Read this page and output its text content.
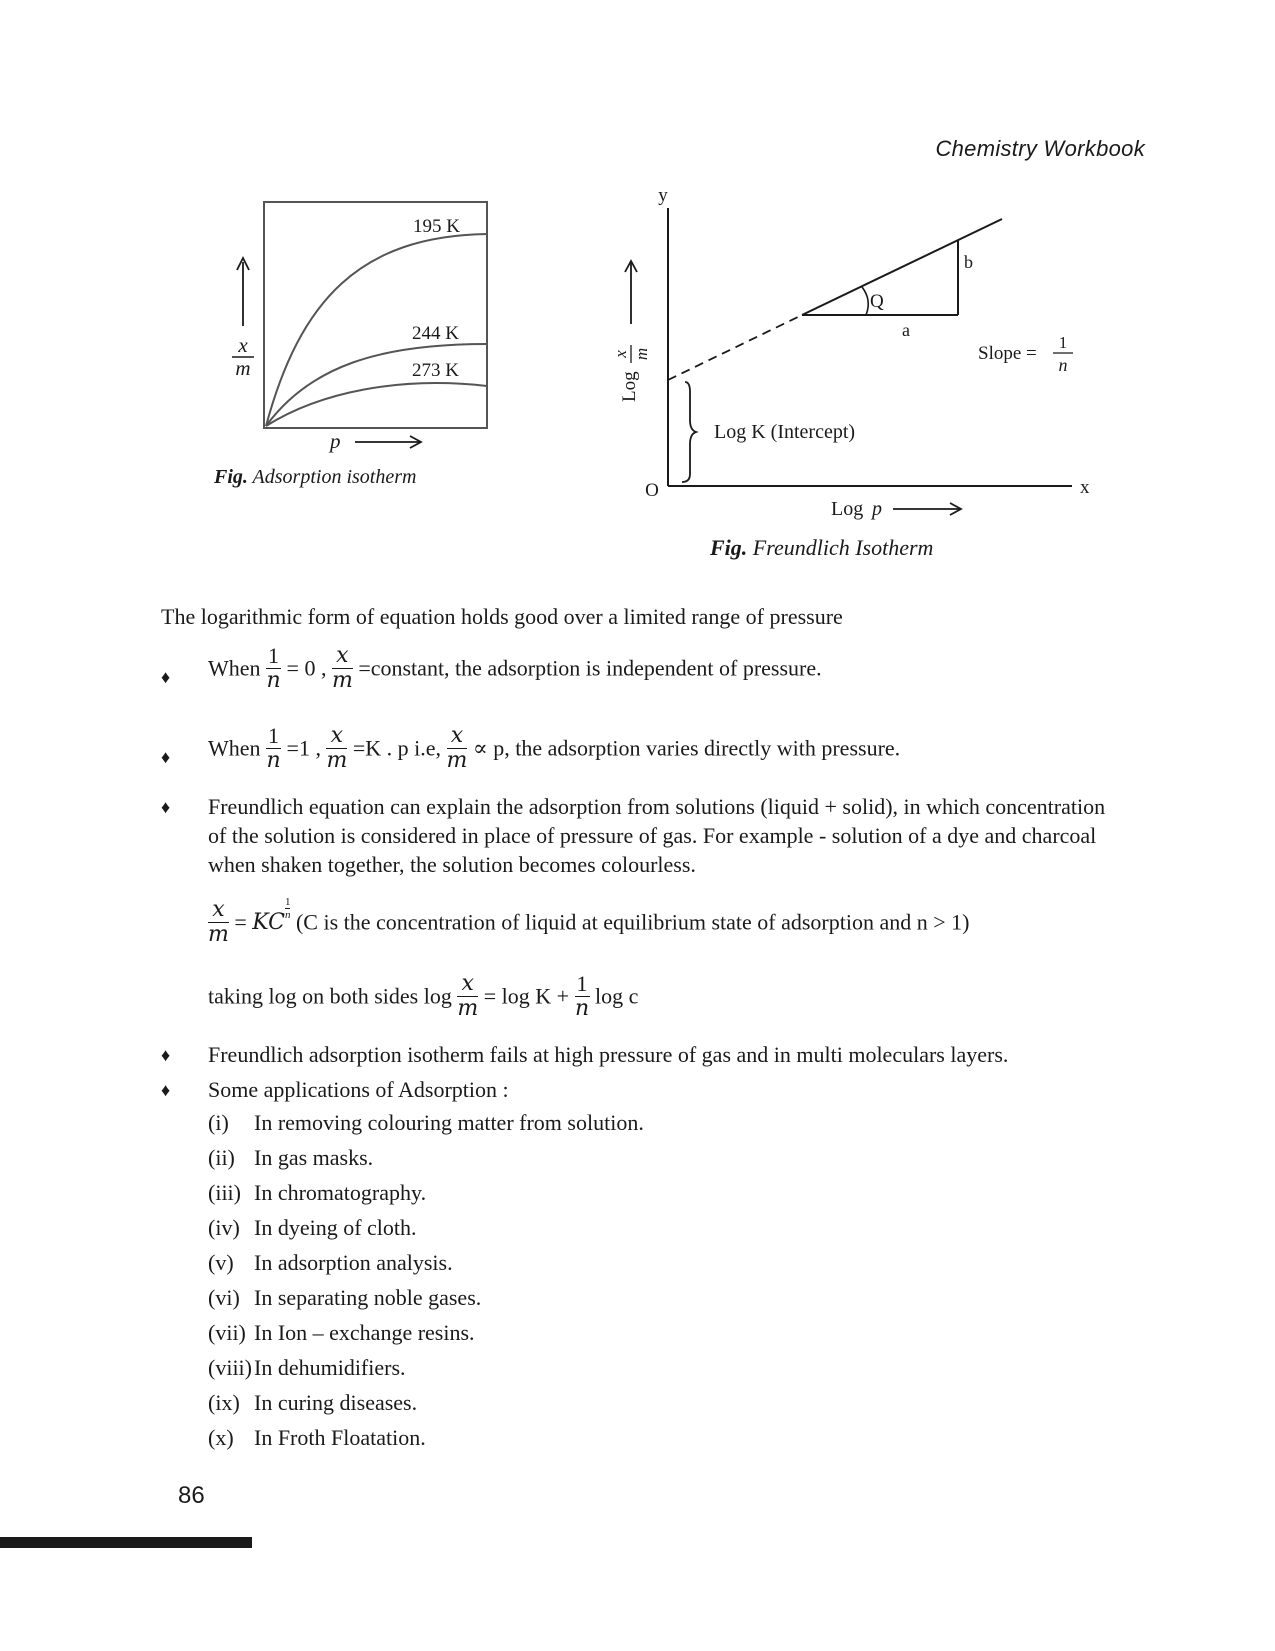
Chemistry Workbook
195 K
244 K
273 K
x
m
p
y
x
O
Q
a
b
Slope =
1
n
Log K (Intercept)
Log
x m
Log p
Fig. Adsorption isotherm
Fig. Freundlich Isotherm
The logarithmic form of equation holds good over a limited range of pressure
♦ When $\frac{1}{n} = 0$ , $\frac{x}{m}$ =constant, the adsorption is independent of pressure.
♦ When $\frac{1}{n} =1$ , $\frac{x}{m} =K$ . p i.e, $\frac{x}{m} \propto p$, the adsorption varies directly with pressure.
♦ Freundlich equation can explain the adsorption from solutions (liquid + solid), in which concentration
of the solution is considered in place of pressure of gas. For example - solution of a dye and charcoal
when shaken together, the solution becomes colourless.
$\frac{x}{m}$ = KC
$\frac{1}{n}$
(C is the concentration of liquid at equilibrium state of adsorption and n > 1)
taking log on both sides $\log \frac{x}{m} = \log K + \frac{1}{n}$ log c
♦ Freundlich adsorption isotherm fails at high pressure of gas and in multi moleculars layers.
♦ Some applications of Adsorption :
(i) In removing colouring matter from solution.
(ii) In gas masks.
(iii) In chromatography.
(iv) In dyeing of cloth.
(v) In adsorption analysis.
(vi) In separating noble gases.
(vii) In Ion – exchange resins.
(viii) In dehumidifiers.
(ix) In curing diseases.
(x) In Froth Floatation.
86
